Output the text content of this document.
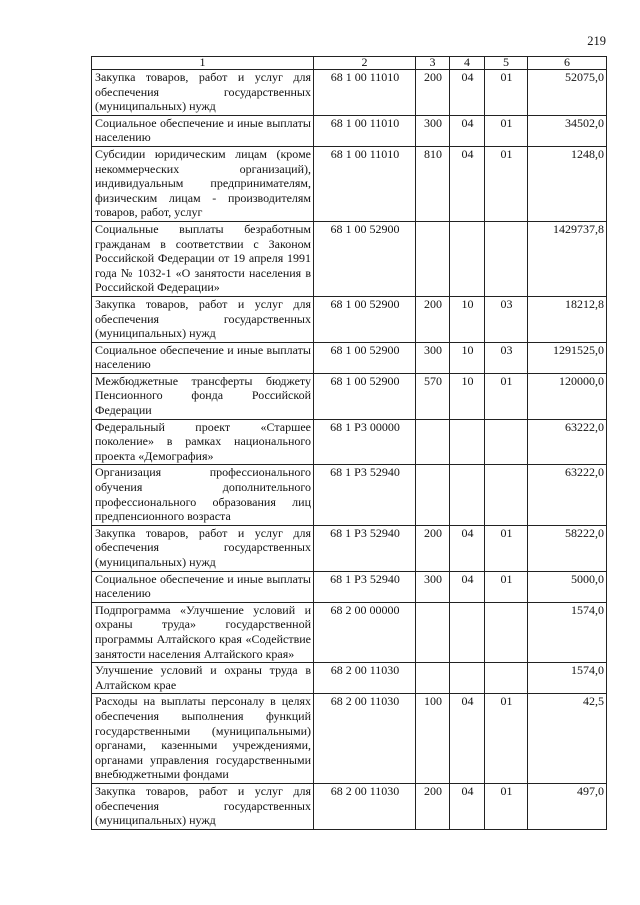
219
1	2	3	4	5	6
Закупка товаров, работ и услуг для обеспечения государственных (муниципальных) нужд	68 1 00 11010	200	04	01	52075,0
Социальное обеспечение и иные выплаты населению	68 1 00 11010	300	04	01	34502,0
Субсидии юридическим лицам (кроме некоммерческих организаций), индивидуальным предпринимателям, физическим лицам - производителям товаров, работ, услуг	68 1 00 11010	810	04	01	1248,0
Социальные выплаты безработным гражданам в соответствии с Законом Российской Федерации от 19 апреля 1991 года № 1032-1 «О занятости населения в Российской Федерации»	68 1 00 52900				1429737,8
Закупка товаров, работ и услуг для обеспечения государственных (муниципальных) нужд	68 1 00 52900	200	10	03	18212,8
Социальное обеспечение и иные выплаты населению	68 1 00 52900	300	10	03	1291525,0
Межбюджетные трансферты бюджету Пенсионного фонда Российской Федерации	68 1 00 52900	570	10	01	120000,0
Федеральный проект «Старшее поколение» в рамках национального проекта «Демография»	68 1 P3 00000				63222,0
Организация профессионального обучения дополнительного профессионального образования лиц предпенсионного возраста	68 1 P3 52940				63222,0
Закупка товаров, работ и услуг для обеспечения государственных (муниципальных) нужд	68 1 P3 52940	200	04	01	58222,0
Социальное обеспечение и иные выплаты населению	68 1 P3 52940	300	04	01	5000,0
Подпрограмма «Улучшение условий и охраны труда» государственной программы Алтайского края «Содействие занятости населения Алтайского края»	68 2 00 00000				1574,0
Улучшение условий и охраны труда в Алтайском крае	68 2 00 11030				1574,0
Расходы на выплаты персоналу в целях обеспечения выполнения функций государственными (муниципальными) органами, казенными учреждениями, органами управления государственными внебюджетными фондами	68 2 00 11030	100	04	01	42,5
Закупка товаров, работ и услуг для обеспечения государственных (муниципальных) нужд	68 2 00 11030	200	04	01	497,0
